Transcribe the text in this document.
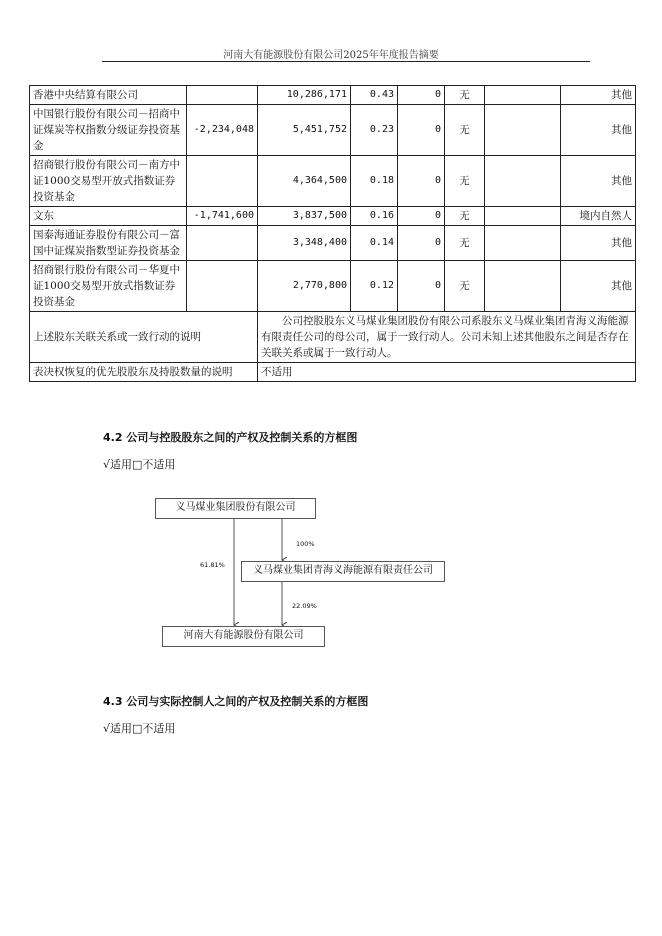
河南大有能源股份有限公司2025年年度报告摘要
香港中央结算有限公司		10,286,171	0.43	0	无		其他
中国银行股份有限公司－招商中证煤炭等权指数分级证券投资基金	-2,234,048	5,451,752	0.23	0	无		其他
招商银行股份有限公司－南方中证1000交易型开放式指数证券投资基金		4,364,500	0.18	0	无		其他
文东	-1,741,600	3,837,500	0.16	0	无		境内自然人
国泰海通证券股份有限公司－富国中证煤炭指数型证券投资基金		3,348,400	0.14	0	无		其他
招商银行股份有限公司－华夏中证1000交易型开放式指数证券投资基金		2,770,800	0.12	0	无		其他
上述股东关联关系或一致行动的说明		公司控股股东义马煤业集团股份有限公司系股东义马煤业集团青海义海能源有限责任公司的母公司，属于一致行动人。公司未知上述其他股东之间是否存在关联关系或属于一致行动人。					

表决权恢复的优先股股东及持股数量的说明		不适用					
4.2 公司与控股股东之间的产权及控制关系的方框图
√适用□不适用
义马煤业集团股份有限公司
义马煤业集团青海义海能源有限责任公司
河南大有能源股份有限公司
100%
61.81%
22.09%
4.3 公司与实际控制人之间的产权及控制关系的方框图
√适用□不适用
